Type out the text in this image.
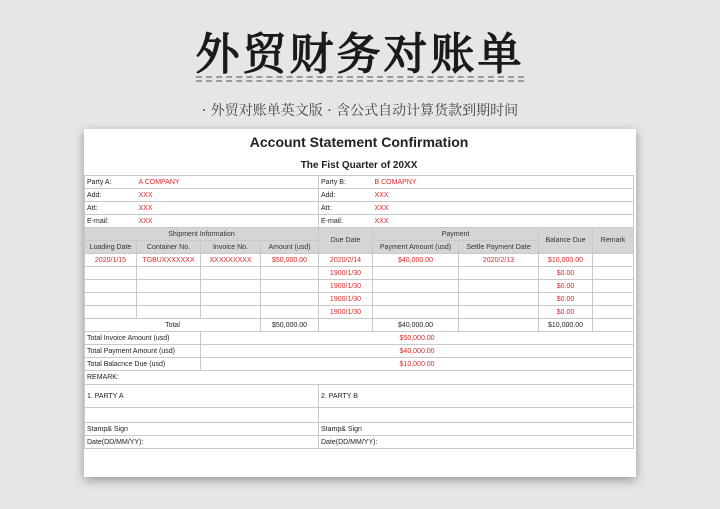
外贸财务对账单
· 外贸对账单英文版 · 含公式自动计算货款到期时间
Account Statement Confirmation								
The Fist Quarter of 20XX								
Party A:	A COMPANY			Party B:	B COMAPNY			
Add:	XXX			Add:	XXX			
Att:	XXX			Att:	XXX			
E-mail:	XXX			E-mail:	XXX			
Shipment Information				Due Date	Payment		Balance Due	Remark
Loading Date	Container No.	Invoice No.	Amount (usd)		Payment Amount (usd)	Settle Payment Date		
2020/1/15	TGBUXXXXXXX	XXXXXXXXX	$50,000.00	2020/2/14	$40,000.00	2020/2/13	$10,000.00	
				1900/1/30			$0.00	
				1900/1/30			$0.00	
				1900/1/30			$0.00	
				1900/1/30			$0.00	
Total			$50,000.00		$40,000.00		$10,000.00	
Total Invoice Amount (usd)		$50,000.00						
Total Payment Amount (usd)		$40,000.00						
Total Balacnce Due (usd)		$10,000.00						
REMARK:								
1. PARTY A				2. PARTY B				

Stamp& Sign				Stamp& Sign				
Date(DD/MM/YY):				Date(DD/MM/YY):				
